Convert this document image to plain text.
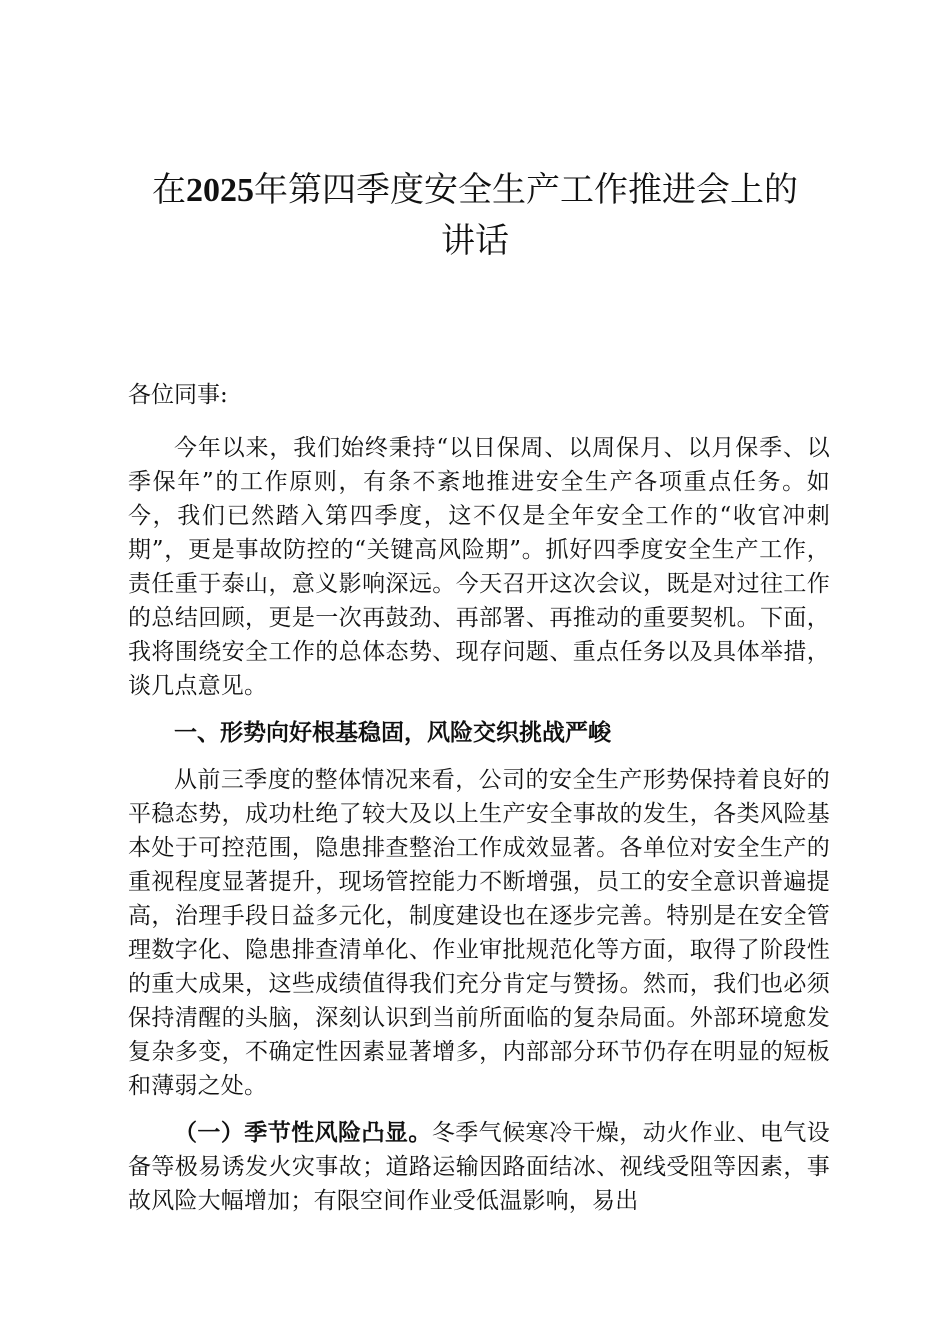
在2025年第四季度安全生产工作推进会上的
讲话

各位同事:

今年以来，我们始终秉持“以日保周、以周保月、以月保季、以季保年”的工作原则，有条不紊地推进安全生产各项重点任务。如今，我们已然踏入第四季度，这不仅是全年安全工作的“收官冲刺期”，更是事故防控的“关键高风险期”。抓好四季度安全生产工作，责任重于泰山，意义影响深远。今天召开这次会议，既是对过往工作的总结回顾，更是一次再鼓劲、再部署、再推动的重要契机。下面，我将围绕安全工作的总体态势、现存问题、重点任务以及具体举措，谈几点意见。

一、形势向好根基稳固，风险交织挑战严峻

从前三季度的整体情况来看，公司的安全生产形势保持着良好的平稳态势，成功杜绝了较大及以上生产安全事故的发生，各类风险基本处于可控范围，隐患排查整治工作成效显著。各单位对安全生产的重视程度显著提升，现场管控能力不断增强，员工的安全意识普遍提高，治理手段日益多元化，制度建设也在逐步完善。特别是在安全管理数字化、隐患排查清单化、作业审批规范化等方面，取得了阶段性的重大成果，这些成绩值得我们充分肯定与赞扬。然而，我们也必须保持清醒的头脑，深刻认识到当前所面临的复杂局面。外部环境愈发复杂多变，不确定性因素显著增多，内部部分环节仍存在明显的短板和薄弱之处。

（一）季节性风险凸显。冬季气候寒冷干燥，动火作业、电气设备等极易诱发火灾事故；道路运输因路面结冰、视线受阻等因素，事故风险大幅增加；有限空间作业受低温影响，易出
